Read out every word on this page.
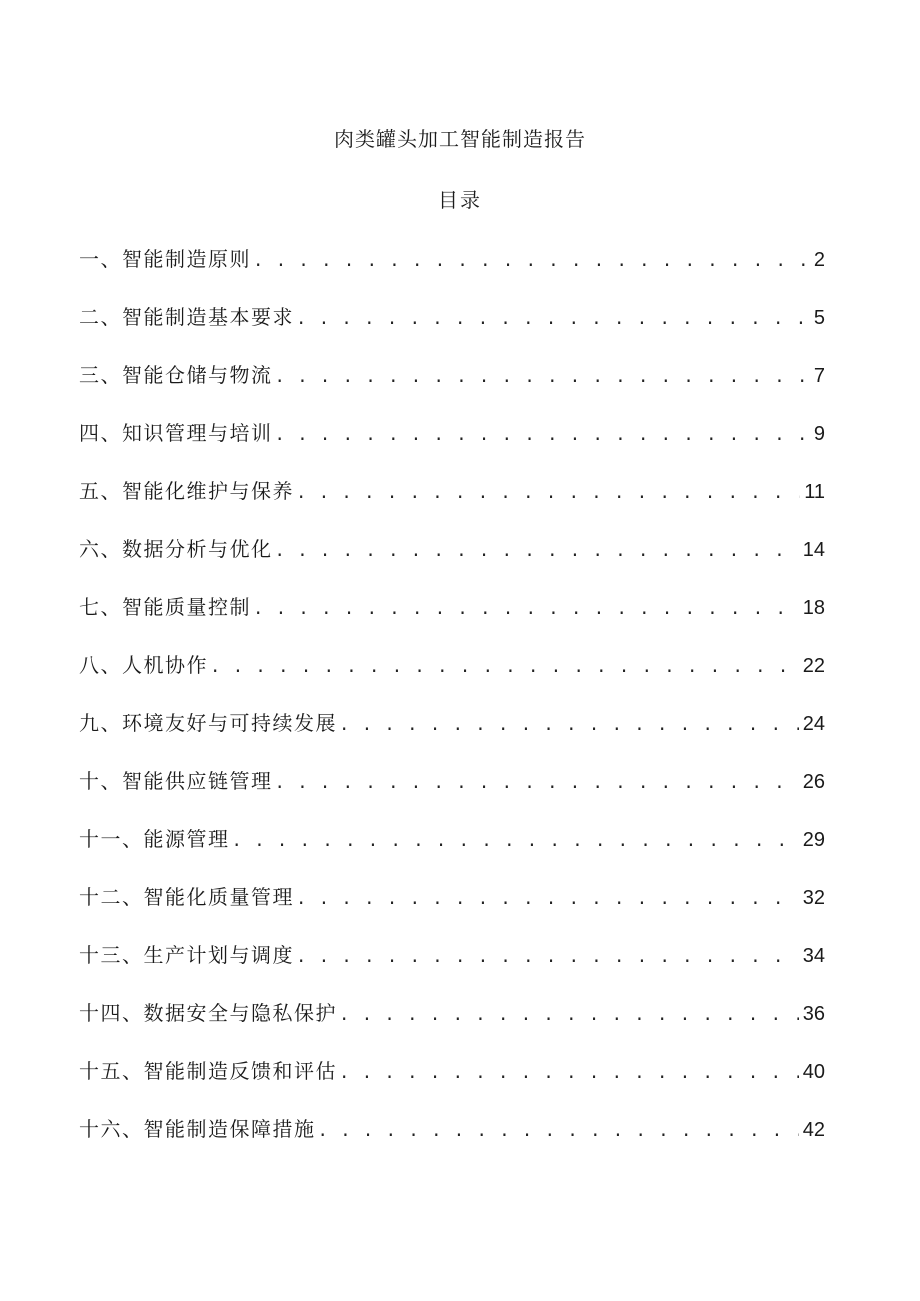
肉类罐头加工智能制造报告
目录
一、智能制造原则 . . .	2
二、智能制造基本要求 . . .	5
三、智能仓储与物流 . . .	7
四、知识管理与培训 . . .	9
五、智能化维护与保养 . . .	11
六、数据分析与优化 . . .	14
七、智能质量控制 . . .	18
八、人机协作 . . .	22
九、环境友好与可持续发展 . . .	24
十、智能供应链管理 . . .	26
十一、能源管理 . . .	29
十二、智能化质量管理 . . .	32
十三、生产计划与调度 . . .	34
十四、数据安全与隐私保护 . . .	36
十五、智能制造反馈和评估 . . .	40
十六、智能制造保障措施 . . .	42
